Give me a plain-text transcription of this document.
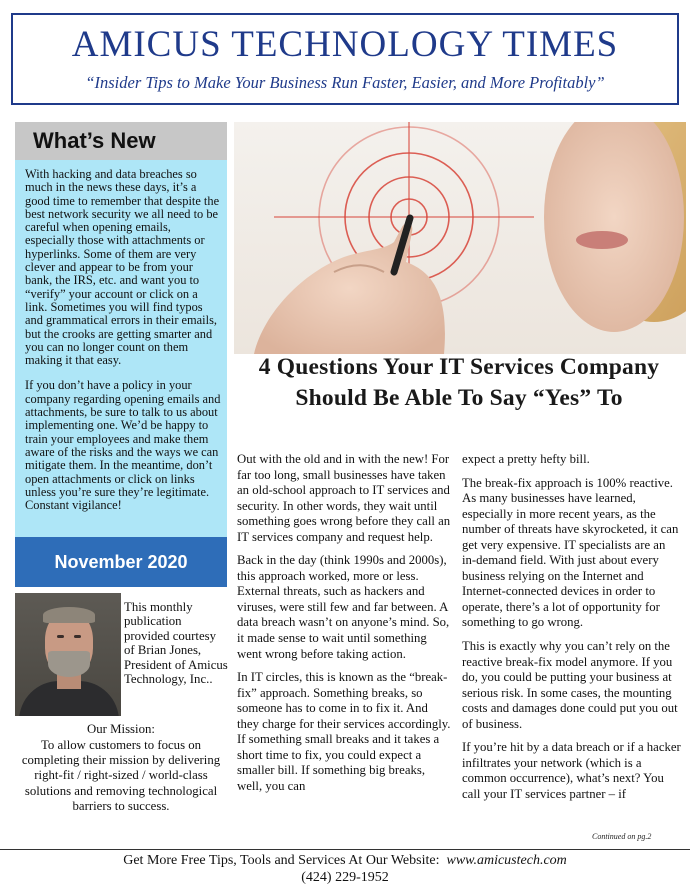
AMICUS TECHNOLOGY TIMES
“Insider Tips to Make Your Business Run Faster, Easier, and More Profitably”
What’s New

With hacking and data breaches so much in the news these days, it’s a good time to remember that despite the best network security we all need to be careful when opening emails, especially those with attachments or hyperlinks. Some of them are very clever and appear to be from your bank, the IRS, etc. and want you to “verify” your account or click on a link. Sometimes you will find typos and grammatical errors in their emails, but the crooks are getting smarter and you can no longer count on them making it that easy.

If you don’t have a policy in your company regarding opening emails and attachments, be sure to talk to us about implementing one. We’d be happy to train your employees and make them aware of the risks and the ways we can mitigate them. In the meantime, don’t open attachments or click on links unless you’re sure they’re legitimate. Constant vigilance!

November 2020
This monthly publication provided courtesy of Brian Jones, President of Amicus Technology, Inc..
Our Mission:
To allow customers to focus on completing their mission by delivering right-fit / right-sized / world-class solutions and removing technological barriers to success.
4 Questions Your IT Services Company Should Be Able To Say “Yes” To

Out with the old and in with the new! For far too long, small businesses have taken an old-school approach to IT services and security. In other words, they wait until something goes wrong before they call an IT services company and request help.

Back in the day (think 1990s and 2000s), this approach worked, more or less. External threats, such as hackers and viruses, were still few and far between. A data breach wasn’t on anyone’s mind. So, it made sense to wait until something went wrong before taking action.

In IT circles, this is known as the “break-fix” approach. Something breaks, so someone has to come in to fix it. And they charge for their services accordingly. If something small breaks and it takes a short time to fix, you could expect a smaller bill. If something big breaks, well, you can

expect a pretty hefty bill.

The break-fix approach is 100% reactive. As many businesses have learned, especially in more recent years, as the number of threats have skyrocketed, it can get very expensive. IT specialists are an in-demand field. With just about every business relying on the Internet and Internet-connected devices in order to operate, there’s a lot of opportunity for something to go wrong.

This is exactly why you can’t rely on the reactive break-fix model anymore. If you do, you could be putting your business at serious risk. In some cases, the mounting costs and damages done could put you out of business.

If you’re hit by a data breach or if a hacker infiltrates your network (which is a common occurrence), what’s next? You call your IT services partner – if

Continued on pg.2
Get More Free Tips, Tools and Services At Our Website: www.amicustech.com
(424) 229-1952
